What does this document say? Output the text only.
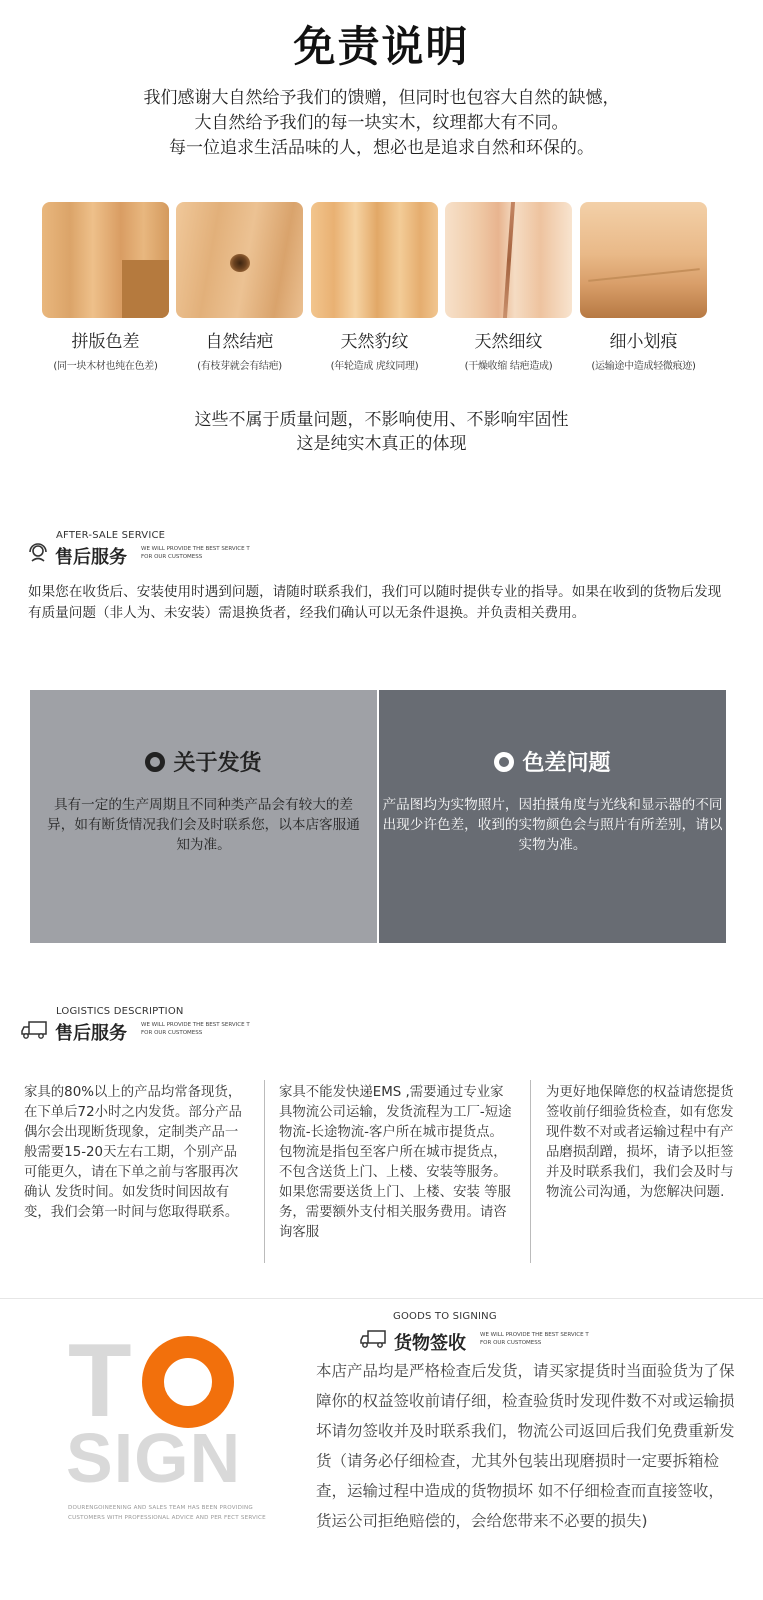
免责说明
我们感谢大自然给予我们的馈赠，但同时也包容大自然的缺憾，
大自然给予我们的每一块实木，纹理都大有不同。
每一位追求生活品味的人，想必也是追求自然和环保的。
拼版色差
(同一块木材也纯在色差)
自然结疤
(有枝芽就会有结疤)
天然豹纹
(年轮造成 虎纹同理)
天然细纹
(干燥收缩 结疤造成)
细小划痕
(运输途中造成轻微痕迹)
这些不属于质量问题，不影响使用、不影响牢固性
这是纯实木真正的体现
AFTER-SALE SERVICE
售后服务	WE WILL PROVIDE THE BEST SERVICE T
FOR OUR CUSTOMESS
如果您在收货后、安装使用时遇到问题，请随时联系我们，我们可以随时提供专业的指导。如果在收到的货物后发现有质量问题（非人为、未安装）需退换货者，经我们确认可以无条件退换。并负责相关费用。
关于发货
具有一定的生产周期且不同种类产品会有较大的差异，如有断货情况我们会及时联系您，以本店客服通知为准。
色差问题
产品图均为实物照片，因拍摄角度与光线和显示器的不同出现少许色差，收到的实物颜色会与照片有所差别，请以实物为准。
LOGISTICS DESCRIPTION
售后服务	WE WILL PROVIDE THE BEST SERVICE T
FOR OUR CUSTOMESS
家具的80%以上的产品均常备现货，在下单后72小时之内发货。部分产品偶尔会出现断货现象，定制类产品一般需要15-20天左右工期，个别产品可能更久，请在下单之前与客服再次确认 发货时间。如发货时间因故有变，我们会第一时间与您取得联系。
家具不能发快递EMS ,需要通过专业家具物流公司运输，发货流程为工厂-短途物流-长途物流-客户所在城市提货点。包物流是指包至客户所在城市提货点，不包含送货上门、上楼、安装等服务。如果您需要送货上门、上楼、安装 等服务，需要额外支付相关服务费用。请咨询客服
为更好地保障您的权益请您提货签收前仔细验货检查，如有您发现件数不对或者运输过程中有产品磨损刮蹭，损坏，请予以拒签并及时联系我们，我们会及时与物流公司沟通，为您解决问题.
GOODS TO SIGNING
货物签收	WE WILL PROVIDE THE BEST SERVICE T
FOR OUR CUSTOMESS
T
SIGN
DOURENGOINEENING AND SALES TEAM HAS BEEN PROVIDING CUSTOMERS WITH PROFESSIONAL ADVICE AND PER FECT SERVICE
本店产品均是严格检查后发货，请买家提货时当面验货为了保障你的权益签收前请仔细，检查验货时发现件数不对或运输损坏请勿签收并及时联系我们，物流公司返回后我们免费重新发货（请务必仔细检查，尤其外包装出现磨损时一定要拆箱检查，运输过程中造成的货物损坏 如不仔细检查而直接签收，货运公司拒绝赔偿的，会给您带来不必要的损失)
